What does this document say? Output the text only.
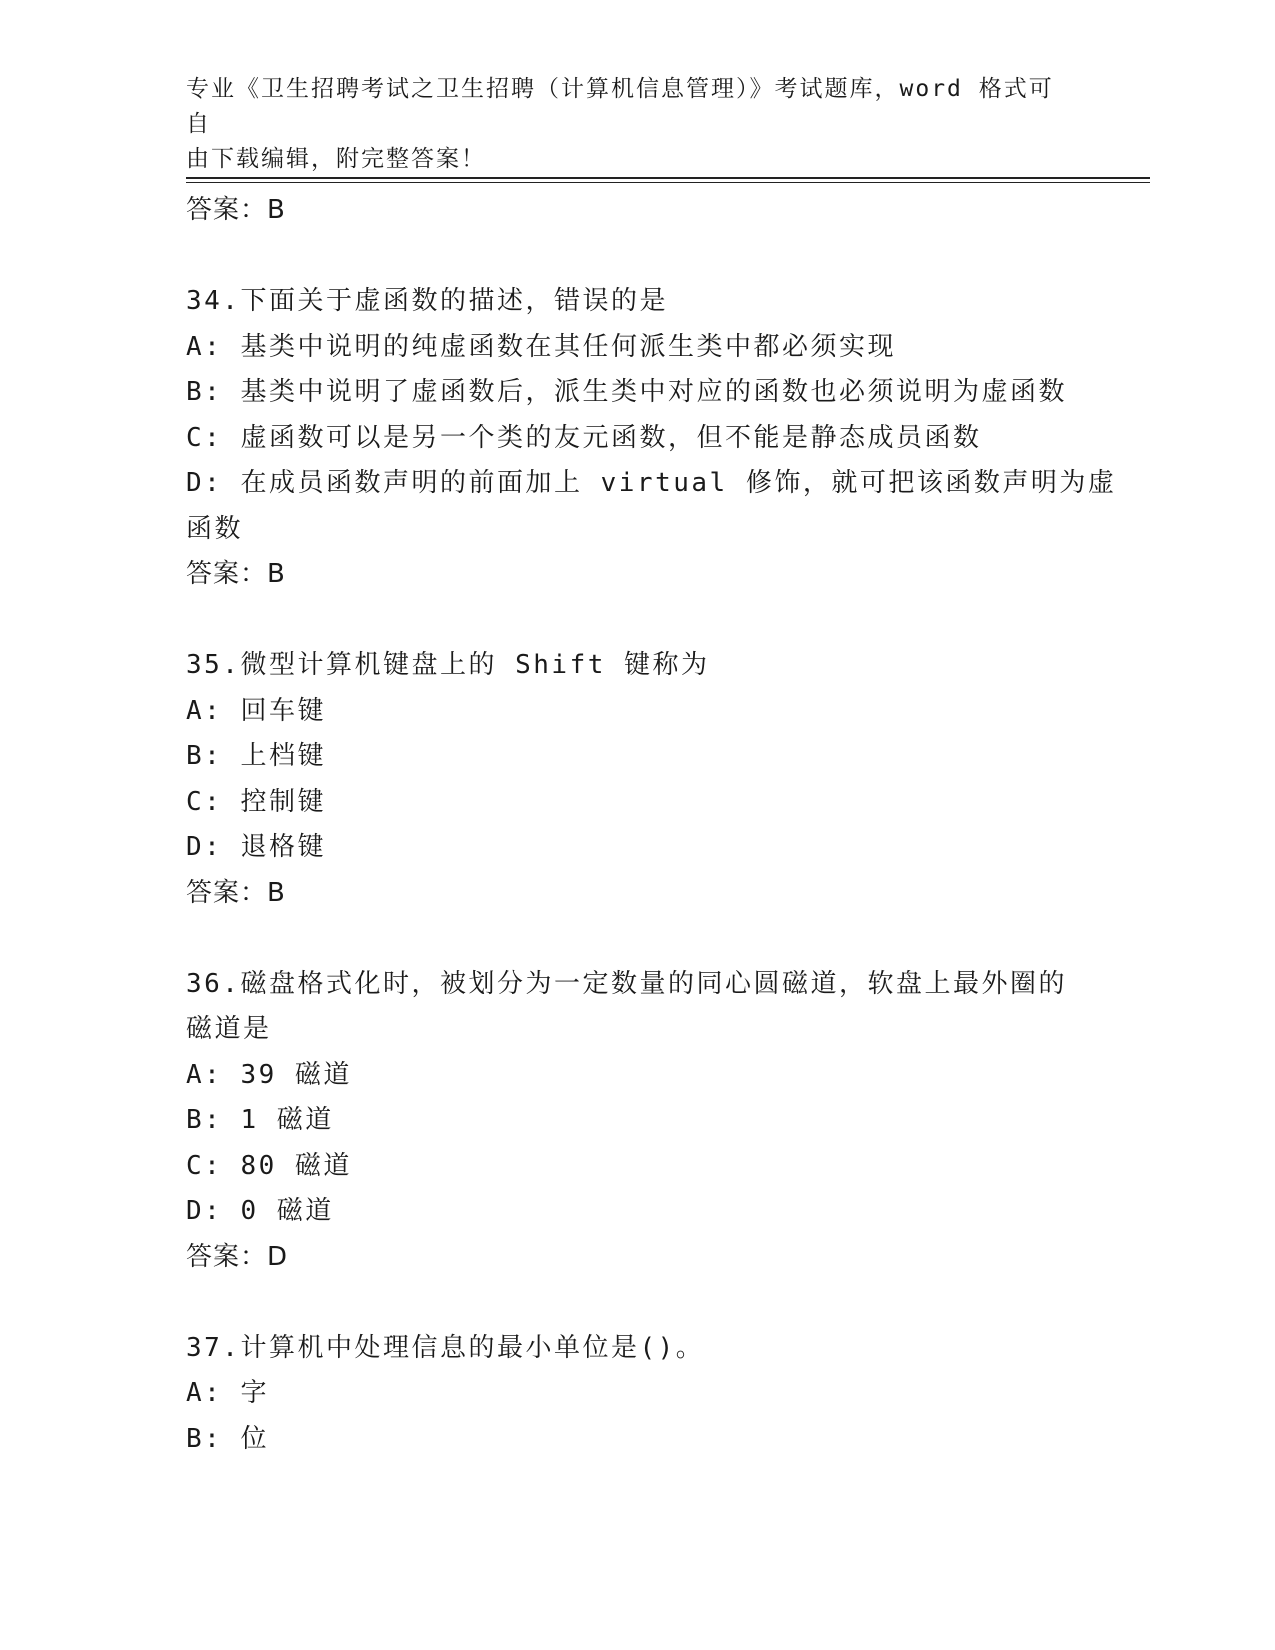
专业《卫生招聘考试之卫生招聘（计算机信息管理）》考试题库，word 格式可自
由下载编辑，附完整答案！
答案：B
34.下面关于虚函数的描述，错误的是
A: 基类中说明的纯虚函数在其任何派生类中都必须实现
B: 基类中说明了虚函数后，派生类中对应的函数也必须说明为虚函数
C: 虚函数可以是另一个类的友元函数，但不能是静态成员函数
D: 在成员函数声明的前面加上 virtual 修饰，就可把该函数声明为虚
函数
答案：B
35.微型计算机键盘上的 Shift 键称为
A: 回车键
B: 上档键
C: 控制键
D: 退格键
答案：B
36.磁盘格式化时，被划分为一定数量的同心圆磁道，软盘上最外圈的
磁道是
A: 39 磁道
B: 1 磁道
C: 80 磁道
D: 0 磁道
答案：D
37.计算机中处理信息的最小单位是()。
A: 字
B: 位
